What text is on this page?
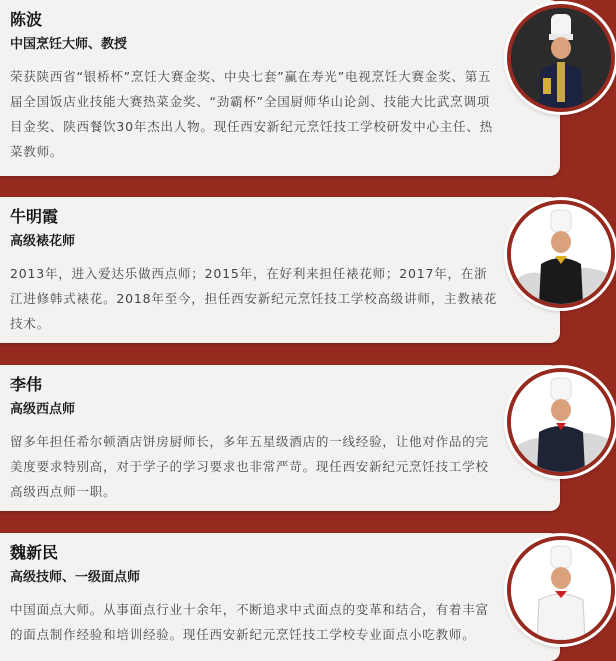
陈波
中国烹饪大师、教授

荣获陕西省“银桥杯”烹饪大赛金奖、中央七套”赢在寿光”电视烹饪大赛金奖、第五届全国饭店业技能大赛热菜金奖、“劲霸杯”全国厨师华山论剑、技能大比武烹调项目金奖、陕西餐饮30年杰出人物。现任西安新纪元烹饪技工学校研发中心主任、热菜教师。

牛明霞
高级裱花师

2013年，进入爱达乐做西点师；2015年，在好利来担任裱花师；2017年，在浙江进修韩式裱花。2018年至今，担任西安新纪元烹饪技工学校高级讲师，主教裱花技术。

李伟
高级西点师

留多年担任希尔顿酒店饼房厨师长，多年五星级酒店的一线经验，让他对作品的完美度要求特别高，对于学子的学习要求也非常严苛。现任西安新纪元烹饪技工学校高级西点师一职。

魏新民
高级技师、一级面点师

中国面点大师。从事面点行业十余年，不断追求中式面点的变革和结合，有着丰富的面点制作经验和培训经验。现任西安新纪元烹饪技工学校专业面点小吃教师。
